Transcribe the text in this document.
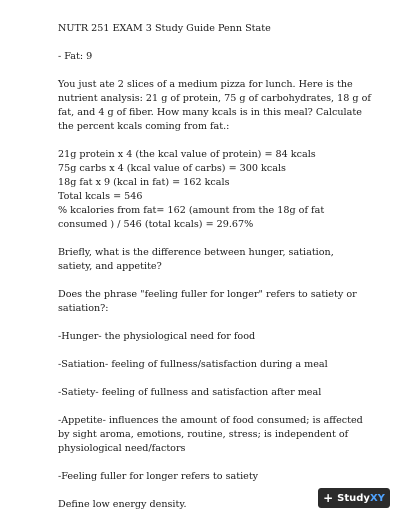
NUTR 251 EXAM 3 Study Guide Penn State
- Fat: 9
You just ate 2 slices of a medium pizza for lunch. Here is the
nutrient analysis: 21 g of protein, 75 g of carbohydrates, 18 g of
fat, and 4 g of fiber. How many kcals is in this meal? Calculate
the percent kcals coming from fat.:
21g protein x 4 (the kcal value of protein) = 84 kcals
75g carbs x 4 (kcal value of carbs) = 300 kcals
18g fat x 9 (kcal in fat) = 162 kcals
Total kcals = 546
% kcalories from fat= 162 (amount from the 18g of fat
consumed ) / 546 (total kcals) = 29.67%
Briefly, what is the difference between hunger, satiation,
satiety, and appetite?
Does the phrase "feeling fuller for longer" refers to satiety or
satiation?:
-Hunger- the physiological need for food
-Satiation- feeling of fullness/satisfaction during a meal
-Satiety- feeling of fullness and satisfaction after meal
-Appetite- influences the amount of food consumed; is affected
by sight aroma, emotions, routine, stress; is independent of
physiological need/factors
-Feeling fuller for longer refers to satiety
Define low energy density.	+ StudyXY
